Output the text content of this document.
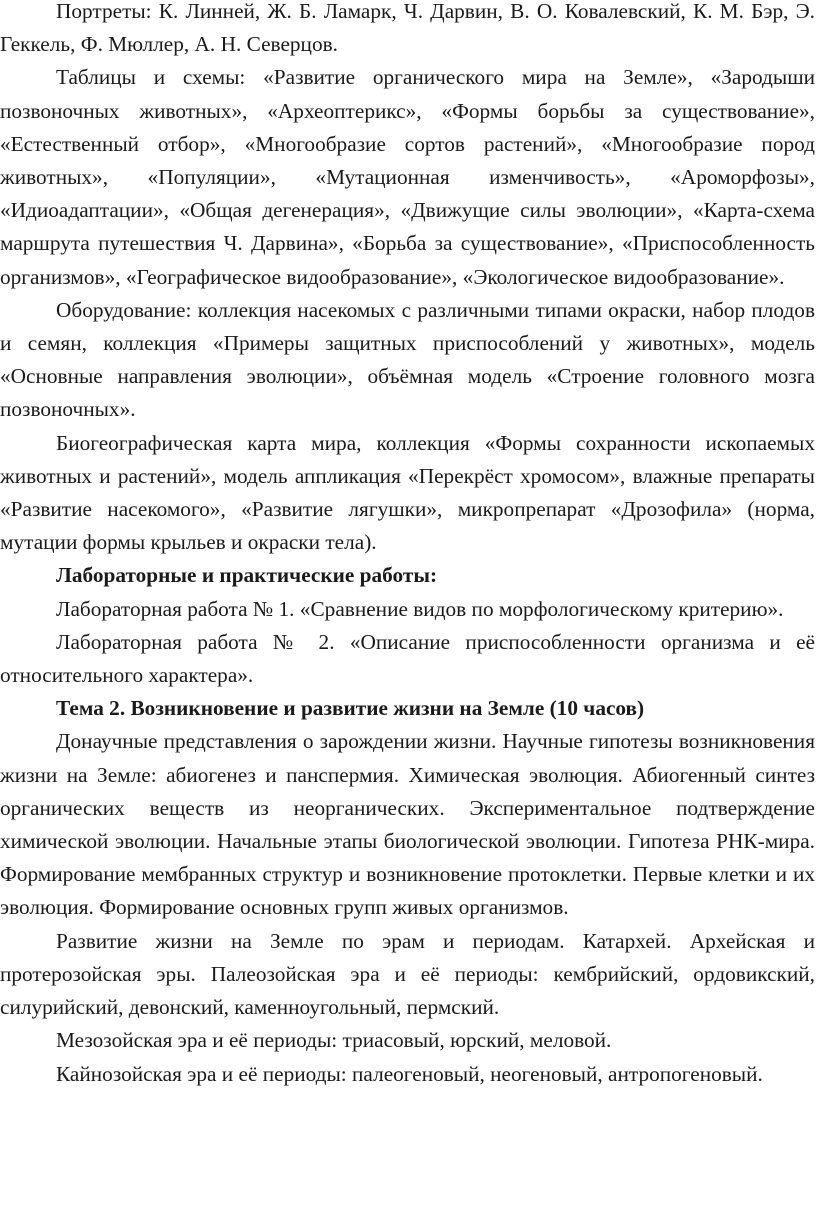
Портреты: К. Линней, Ж. Б. Ламарк, Ч. Дарвин, В. О. Ковалевский, К. М. Бэр, Э. Геккель, Ф. Мюллер, А. Н. Северцов.

Таблицы и схемы: «Развитие органического мира на Земле», «Зародыши позвоночных животных», «Археоптерикс», «Формы борьбы за существование», «Естественный отбор», «Многообразие сортов растений», «Многообразие пород животных», «Популяции», «Мутационная изменчивость», «Ароморфозы», «Идиоадаптации», «Общая дегенерация», «Движущие силы эволюции», «Карта-схема маршрута путешествия Ч. Дарвина», «Борьба за существование», «Приспособленность организмов», «Географическое видообразование», «Экологическое видообразование».

Оборудование: коллекция насекомых с различными типами окраски, набор плодов и семян, коллекция «Примеры защитных приспособлений у животных», модель «Основные направления эволюции», объёмная модель «Строение головного мозга позвоночных».

Биогеографическая карта мира, коллекция «Формы сохранности ископаемых животных и растений», модель аппликация «Перекрёст хромосом», влажные препараты «Развитие насекомого», «Развитие лягушки», микропрепарат «Дрозофила» (норма, мутации формы крыльев и окраски тела).

Лабораторные и практические работы:

Лабораторная работа № 1. «Сравнение видов по морфологическому критерию».

Лабораторная работа № 2. «Описание приспособленности организма и её относительного характера».

Тема 2. Возникновение и развитие жизни на Земле (10 часов)

Донаучные представления о зарождении жизни. Научные гипотезы возникновения жизни на Земле: абиогенез и панспермия. Химическая эволюция. Абиогенный синтез органических веществ из неорганических. Экспериментальное подтверждение химической эволюции. Начальные этапы биологической эволюции. Гипотеза РНК-мира. Формирование мембранных структур и возникновение протоклетки. Первые клетки и их эволюция. Формирование основных групп живых организмов.

Развитие жизни на Земле по эрам и периодам. Катархей. Архейская и протерозойская эры. Палеозойская эра и её периоды: кембрийский, ордовикский, силурийский, девонский, каменноугольный, пермский.

Мезозойская эра и её периоды: триасовый, юрский, меловой.

Кайнозойская эра и её периоды: палеогеновый, неогеновый, антропогеновый.
